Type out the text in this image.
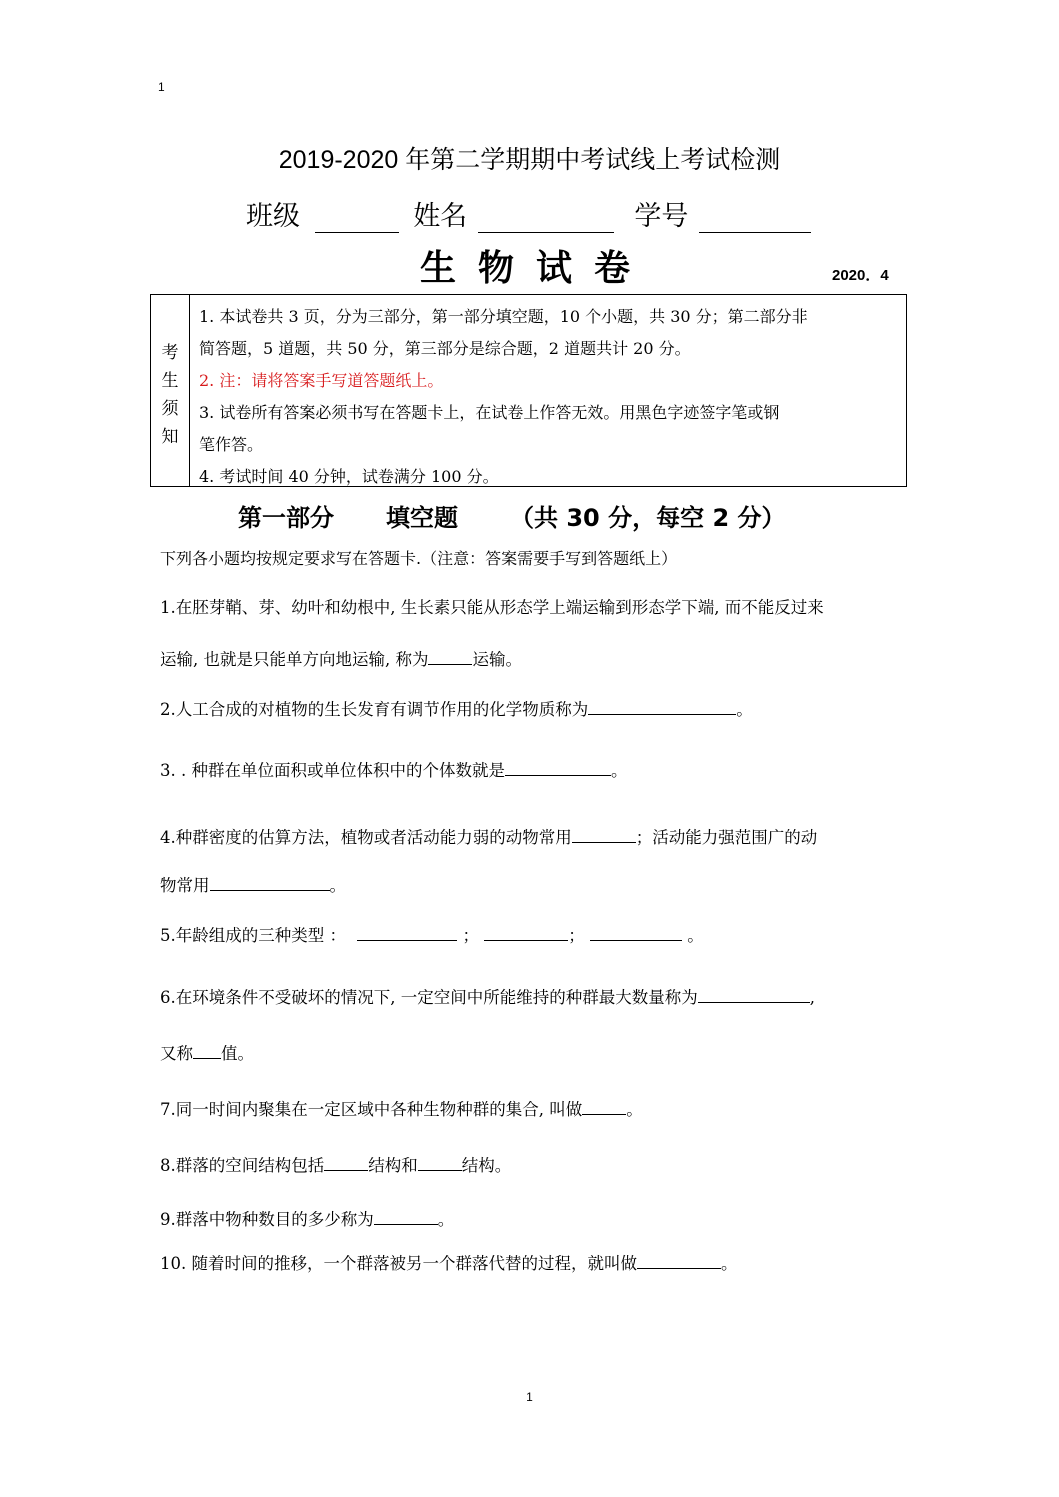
1
2019-2020 年第二学期期中考试线上考试检测
班级	姓名	学号
生物试卷	2020．4
考生须知
1. 本试卷共 3 页，分为三部分，第一部分填空题，10 个小题，共 30 分；第二部分非
简答题，5 道题，共 50 分，第三部分是综合题，2 道题共计 20 分。
2. 注：请将答案手写道答题纸上。
3. 试卷所有答案必须书写在答题卡上，在试卷上作答无效。用黑色字迹签字笔或钢
笔作答。
4. 考试时间 40 分钟，试卷满分 100 分。
第一部分 填空题 （共 30 分，每空 2 分）
下列各小题均按规定要求写在答题卡.（注意：答案需要手写到答题纸上）
1.在胚芽鞘、芽、幼叶和幼根中, 生长素只能从形态学上端运输到形态学下端, 而不能反过来
运输, 也就是只能单方向地运输, 称为	运输。
2.人工合成的对植物的生长发育有调节作用的化学物质称为	。
3. . 种群在单位面积或单位体积中的个体数就是	。
4.种群密度的估算方法，植物或者活动能力弱的动物常用	；活动能力强范围广的动
物常用	。
5.年龄组成的三种类型 ：	；	；	。
6.在环境条件不受破坏的情况下, 一定空间中所能维持的种群最大数量称为	,
又称 值。
7.同一时间内聚集在一定区域中各种生物种群的集合, 叫做	。
8.群落的空间结构包括	结构和	结构。
9.群落中物种数目的多少称为	。
10. 随着时间的推移，一个群落被另一个群落代替的过程，就叫做	。
1
